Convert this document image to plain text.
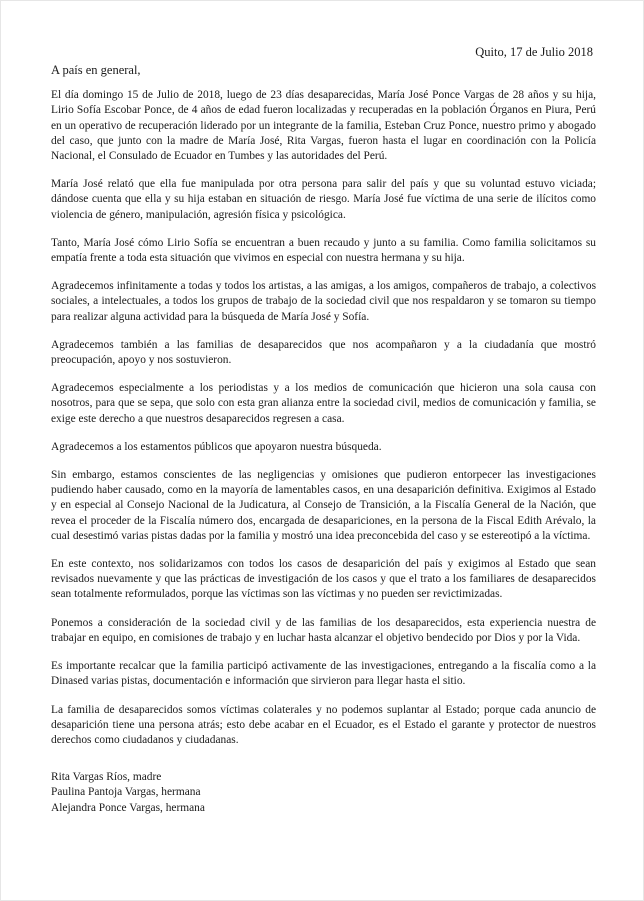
Quito, 17 de Julio 2018

A país en general,

El día domingo 15 de Julio de 2018, luego de 23 días desaparecidas, María José Ponce Vargas de 28 años y su hija, Lirio Sofía Escobar Ponce, de 4 años de edad fueron localizadas y recuperadas en la población Órganos en Piura, Perú en un operativo de recuperación liderado por un integrante de la familia, Esteban Cruz Ponce, nuestro primo y abogado del caso, que junto con la madre de María José, Rita Vargas, fueron hasta el lugar en coordinación con la Policía Nacional, el Consulado de Ecuador en Tumbes y las autoridades del Perú.

María José relató que ella fue manipulada por otra persona para salir del país y que su voluntad estuvo viciada; dándose cuenta que ella y su hija estaban en situación de riesgo. María José fue víctima de una serie de ilícitos como violencia de género, manipulación, agresión física y psicológica.

Tanto, María José cómo Lirio Sofía se encuentran a buen recaudo y junto a su familia. Como familia solicitamos su empatía frente a toda esta situación que vivimos en especial con nuestra hermana y su hija.

Agradecemos infinitamente a todas y todos los artistas, a las amigas, a los amigos, compañeros de trabajo, a colectivos sociales, a intelectuales, a todos los grupos de trabajo de la sociedad civil que nos respaldaron y se tomaron su tiempo para realizar alguna actividad para la búsqueda de María José y Sofía.

Agradecemos también a las familias de desaparecidos que nos acompañaron y a la ciudadanía que mostró preocupación, apoyo y nos sostuvieron.

Agradecemos especialmente a los periodistas y a los medios de comunicación que hicieron una sola causa con nosotros, para que se sepa, que solo con esta gran alianza entre la sociedad civil, medios de comunicación y familia, se exige este derecho a que nuestros desaparecidos regresen a casa.

Agradecemos a los estamentos públicos que apoyaron nuestra búsqueda.

Sin embargo, estamos conscientes de las negligencias y omisiones que pudieron entorpecer las investigaciones pudiendo haber causado, como en la mayoría de lamentables casos, en una desaparición definitiva. Exigimos al Estado y en especial al Consejo Nacional de la Judicatura, al Consejo de Transición, a la Fiscalía General de la Nación, que revea el proceder de la Fiscalía número dos, encargada de desapariciones, en la persona de la Fiscal Edith Arévalo, la cual desestimó varias pistas dadas por la familia y mostró una idea preconcebida del caso y se estereotipó a la víctima.

En este contexto, nos solidarizamos con todos los casos de desaparición del país y exigimos al Estado que sean revisados nuevamente y que las prácticas de investigación de los casos y que el trato a los familiares de desaparecidos sean totalmente reformulados, porque las víctimas son las víctimas y no pueden ser revictimizadas.

Ponemos a consideración de la sociedad civil y de las familias de los desaparecidos, esta experiencia nuestra de trabajar en equipo, en comisiones de trabajo y en luchar hasta alcanzar el objetivo bendecido por Dios y por la Vida.

Es importante recalcar que la familia participó activamente de las investigaciones, entregando a la fiscalía como a la Dinased varias pistas, documentación e información que sirvieron para llegar hasta el sitio.

La familia de desaparecidos somos víctimas colaterales y no podemos suplantar al Estado; porque cada anuncio de desaparición tiene una persona atrás; esto debe acabar en el Ecuador, es el Estado el garante y protector de nuestros derechos como ciudadanos y ciudadanas.

Rita Vargas Ríos, madre
Paulina Pantoja Vargas, hermana
Alejandra Ponce Vargas, hermana
